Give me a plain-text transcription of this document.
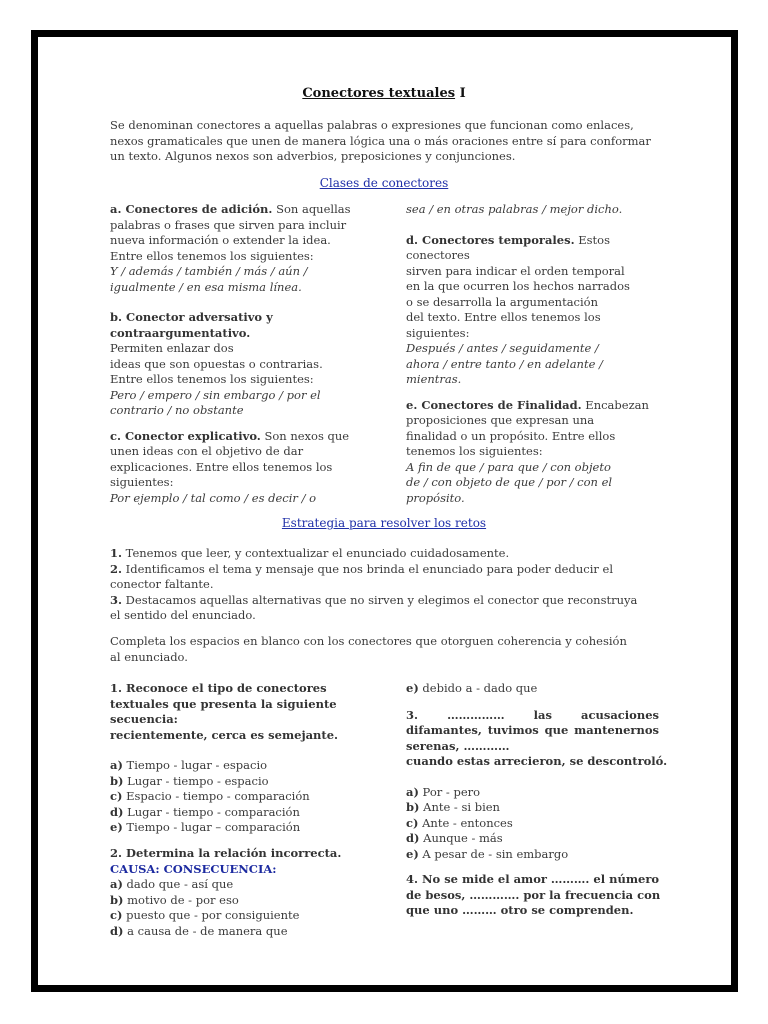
Conectores textuales I
Se denominan conectores a aquellas palabras o expresiones que funcionan como enlaces,
nexos gramaticales que unen de manera lógica una o más oraciones entre sí para conformar
un texto. Algunos nexos son adverbios, preposiciones y conjunciones.
Clases de conectores
a. Conectores de adición. Son aquellas
palabras o frases que sirven para incluir
nueva información o extender la idea.
Entre ellos tenemos los siguientes:
Y / además / también / más / aún /
igualmente / en esa misma línea.
b. Conector adversativo y
contraargumentativo.
Permiten enlazar dos
ideas que son opuestas o contrarias.
Entre ellos tenemos los siguientes:
Pero / empero / sin embargo / por el
contrario / no obstante
c. Conector explicativo. Son nexos que
unen ideas con el objetivo de dar
explicaciones. Entre ellos tenemos los
siguientes:
Por ejemplo / tal como / es decir / o
sea / en otras palabras / mejor dicho.
d. Conectores temporales. Estos
conectores
sirven para indicar el orden temporal
en la que ocurren los hechos narrados
o se desarrolla la argumentación
del texto. Entre ellos tenemos los
siguientes:
Después / antes / seguidamente /
ahora / entre tanto / en adelante /
mientras.
e. Conectores de Finalidad. Encabezan
proposiciones que expresan una
finalidad o un propósito. Entre ellos
tenemos los siguientes:
A fin de que / para que / con objeto
de / con objeto de que / por / con el
propósito.
Estrategia para resolver los retos
1. Tenemos que leer, y contextualizar el enunciado cuidadosamente.
2. Identificamos el tema y mensaje que nos brinda el enunciado para poder deducir el
conector faltante.
3. Destacamos aquellas alternativas que no sirven y elegimos el conector que reconstruya
el sentido del enunciado.
Completa los espacios en blanco con los conectores que otorguen coherencia y cohesión
al enunciado.
1. Reconoce el tipo de conectores
textuales que presenta la siguiente
secuencia:
recientemente, cerca es semejante.
a) Tiempo - lugar - espacio
b) Lugar - tiempo - espacio
c) Espacio - tiempo - comparación
d) Lugar - tiempo - comparación
e) Tiempo - lugar – comparación
2. Determina la relación incorrecta.
CAUSA: CONSECUENCIA:
a) dado que - así que
b) motivo de - por eso
c) puesto que - por consiguiente
d) a causa de - de manera que
e) debido a - dado que
3.	……………	las	acusaciones
difamantes, tuvimos que mantenernos
serenas, …………
cuando estas arrecieron, se descontroló.
a) Por - pero
b) Ante - si bien
c) Ante - entonces
d) Aunque - más
e) A pesar de - sin embargo
4. No se mide el amor ………. el número
de besos, …………. por la frecuencia con
que uno ……… otro se comprenden.
